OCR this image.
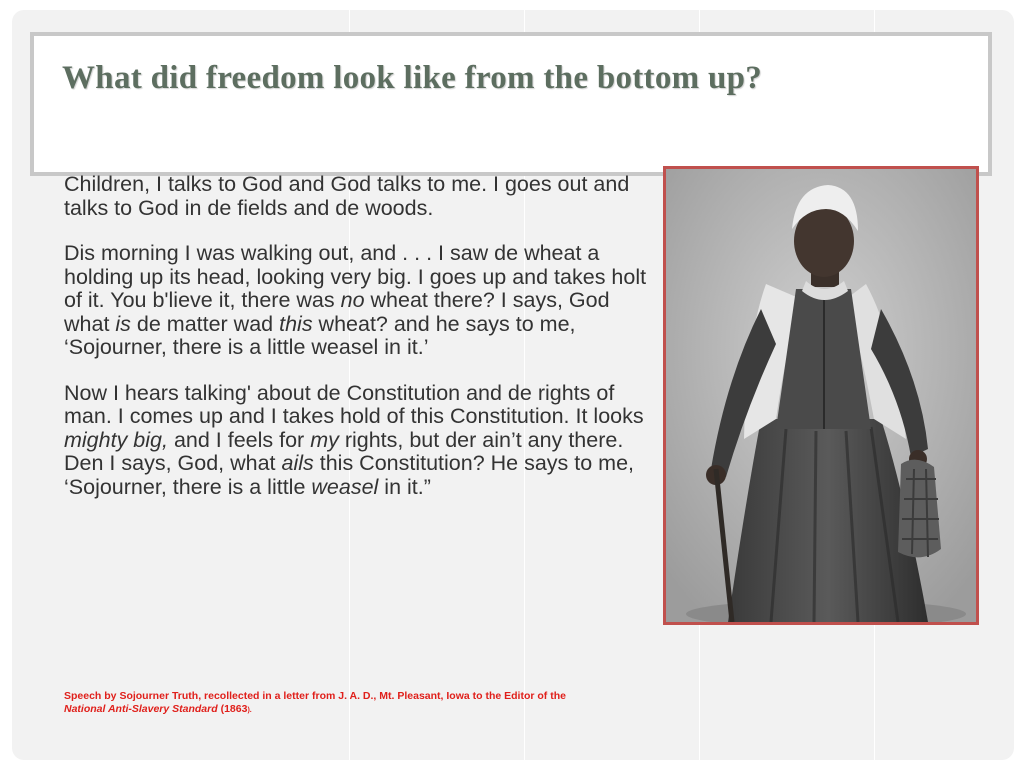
What did freedom look like from the bottom up?

Children, I talks to God and God talks to me. I goes out and talks to God in de fields and de woods.

Dis morning I was walking out, and . . . I saw de wheat a holding up its head, looking very big. I goes up and takes holt of it. You b'lieve it, there was no wheat there? I says, God what is de matter wad this wheat? and he says to me, ‘Sojourner, there is a little weasel in it.’

Now I hears talking' about de Constitution and de rights of man. I comes up and I takes hold of this Constitution. It looks mighty big, and I feels for my rights, but der ain’t any there. Den I says, God, what ails this Constitution? He says to me, ‘Sojourner, there is a little weasel in it.”

Speech by Sojourner Truth, recollected in a letter from J. A. D., Mt. Pleasant, Iowa to the Editor of the
National Anti-Slavery Standard (1863).
